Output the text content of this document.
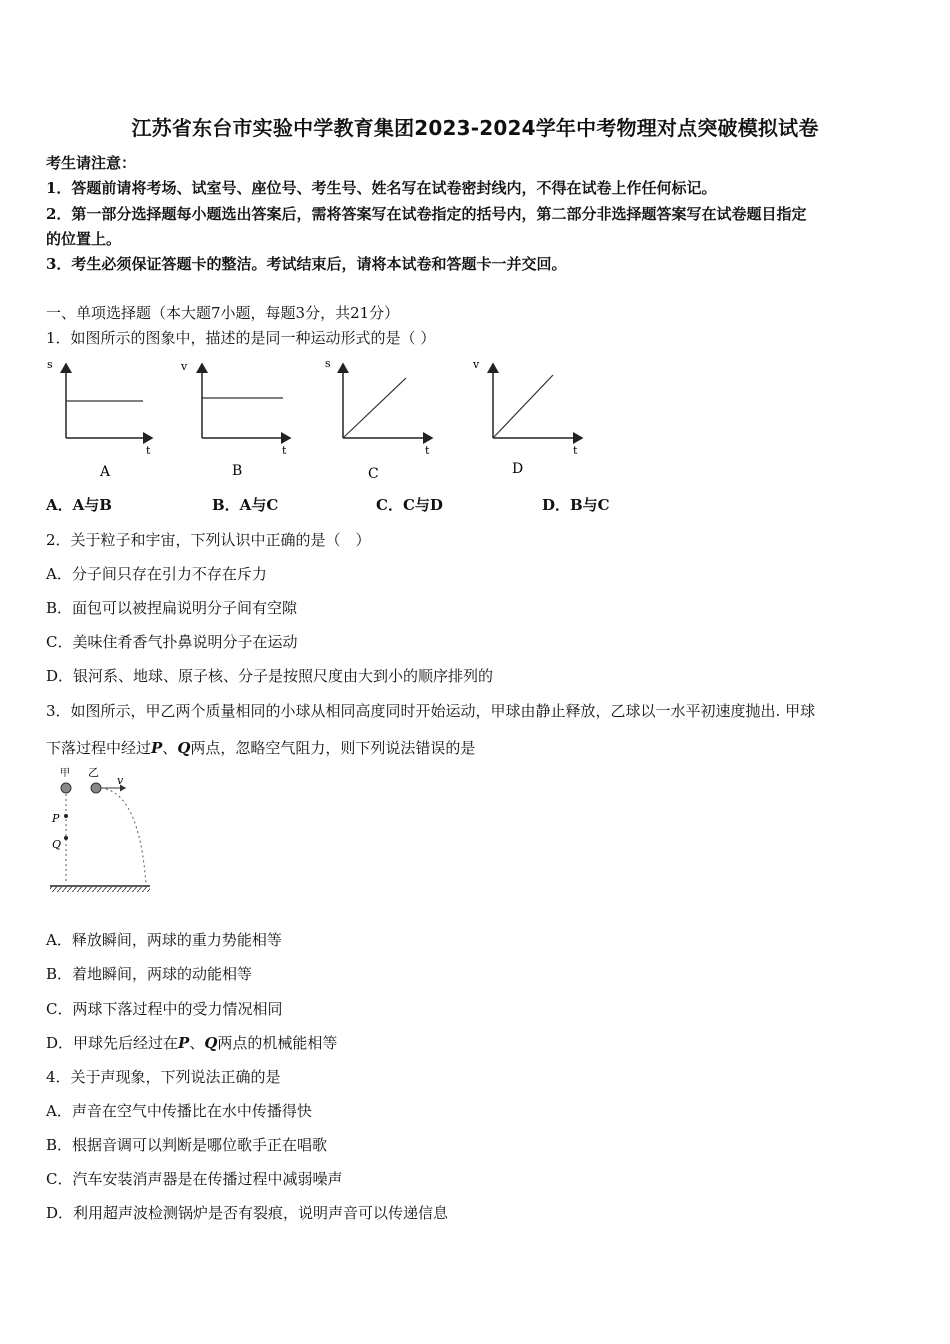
江苏省东台市实验中学教育集团2023-2024学年中考物理对点突破模拟试卷
考生请注意：
1．答题前请将考场、试室号、座位号、考生号、姓名写在试卷密封线内，不得在试卷上作任何标记。
2．第一部分选择题每小题选出答案后，需将答案写在试卷指定的括号内，第二部分非选择题答案写在试卷题目指定
的位置上。
3．考生必须保证答题卡的整洁。考试结束后，请将本试卷和答题卡一并交回。
一、单项选择题（本大题7小题，每题3分，共21分）
1．如图所示的图象中，描述的是同一种运动形式的是（ ）
s
t
A
v
t
B
s
t
C
v
t
D
A．A与B	B．A与C	C．C与D	D．B与C
2．关于粒子和宇宙，下列认识中正确的是（　）
A．分子间只存在引力不存在斥力
B．面包可以被捏扁说明分子间有空隙
C．美味住肴香气扑鼻说明分子在运动
D．银河系、地球、原子核、分子是按照尺度由大到小的顺序排列的
3．如图所示，甲乙两个质量相同的小球从相同高度同时开始运动，甲球由静止释放，乙球以一水平初速度抛出. 甲球
下落过程中经过P、Q两点，忽略空气阻力，则下列说法错误的是
甲 乙
v
P
Q
A．释放瞬间，两球的重力势能相等
B．着地瞬间，两球的动能相等
C．两球下落过程中的受力情况相同
D．甲球先后经过在P、Q两点的机械能相等
4．关于声现象，下列说法正确的是
A．声音在空气中传播比在水中传播得快
B．根据音调可以判断是哪位歌手正在唱歌
C．汽车安装消声器是在传播过程中减弱噪声
D．利用超声波检测锅炉是否有裂痕，说明声音可以传递信息
